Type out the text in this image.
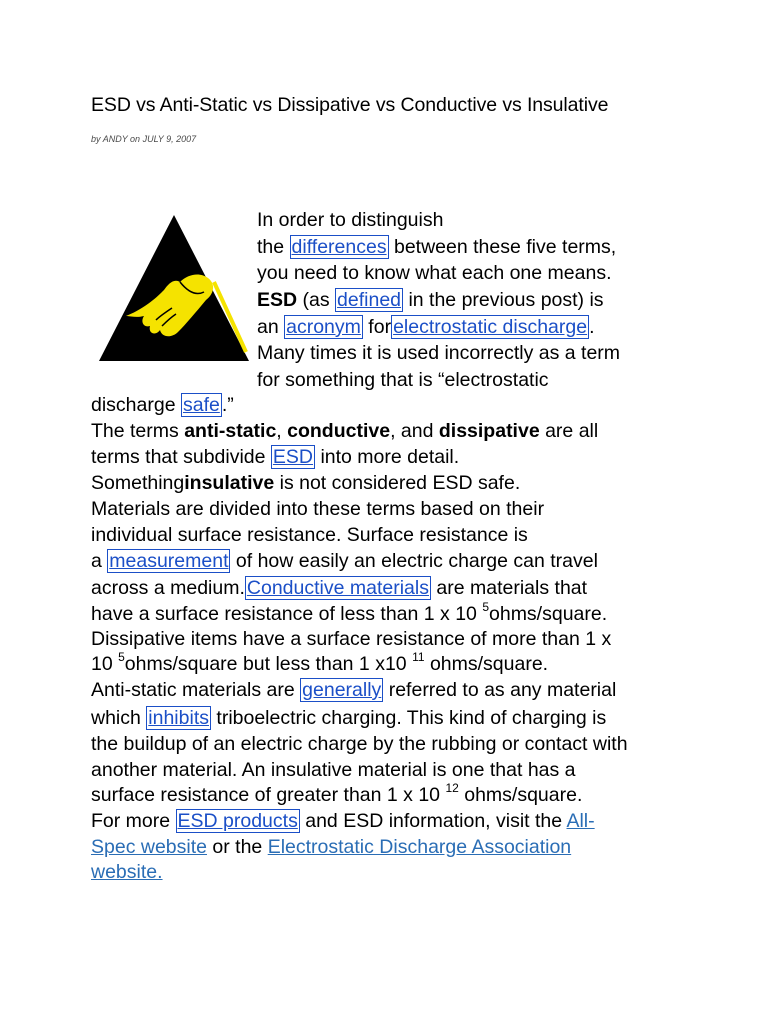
ESD vs Anti-Static vs Dissipative vs Conductive vs Insulative
by ANDY on JULY 9, 2007
In order to distinguish
the differences between these five terms,
you need to know what each one means.
ESD (as defined in the previous post) is
an acronym for electrostatic discharge .
Many times it is used incorrectly as a term
for something that is “electrostatic
discharge safe .”
The terms anti-static, conductive, and dissipative are all
terms that subdivide ESD into more detail.
Somethinginsulative is not considered ESD safe.
Materials are divided into these terms based on their
individual surface resistance. Surface resistance is
a measurement of how easily an electric charge can travel
across a medium. Conductive materials are materials that
have a surface resistance of less than 1 x 10 $^5$ohms/square.
Dissipative items have a surface resistance of more than 1 x
10 $^5$ohms/square but less than 1 x10 $^{11}$ ohms/square.
Anti-static materials are generally referred to as any material
which inhibits triboelectric charging. This kind of charging is
the buildup of an electric charge by the rubbing or contact with
another material. An insulative material is one that has a
surface resistance of greater than 1 x 10 $^{12}$ ohms/square.
For more ESD products and ESD information, visit the All-
Spec website or the Electrostatic Discharge Association
website.
